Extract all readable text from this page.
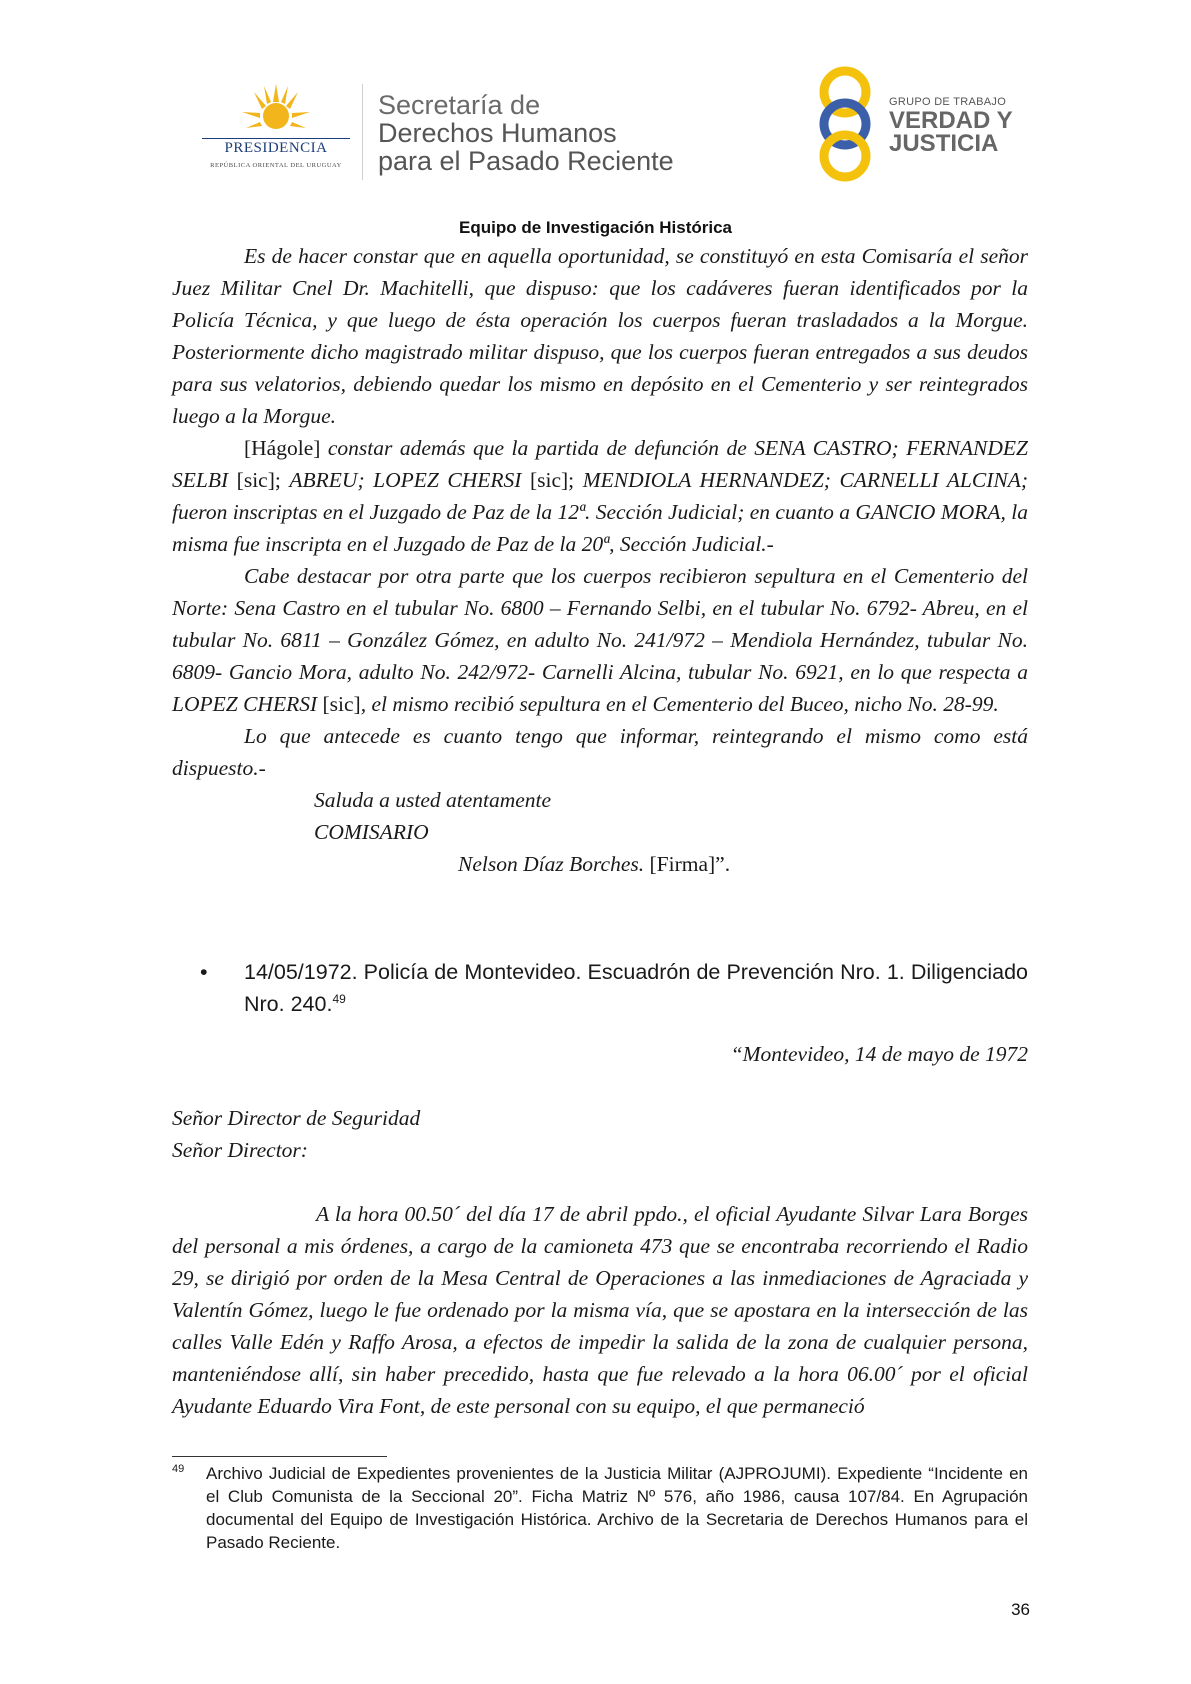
PRESIDENCIA
REPÚBLICA ORIENTAL DEL URUGUAY
Secretaría de
Derechos Humanos
para el Pasado Reciente
GRUPO DE TRABAJO
VERDAD Y
JUSTICIA
Equipo de Investigación Histórica

Es de hacer constar que en aquella oportunidad, se constituyó en esta Comisaría el señor Juez Militar Cnel Dr. Machitelli, que dispuso: que los cadáveres fueran identificados por la Policía Técnica, y que luego de ésta operación los cuerpos fueran trasladados a la Morgue. Posteriormente dicho magistrado militar dispuso, que los cuerpos fueran entregados a sus deudos para sus velatorios, debiendo quedar los mismo en depósito en el Cementerio y ser reintegrados luego a la Morgue.

[Hágole] constar además que la partida de defunción de SENA CASTRO; FERNANDEZ SELBI [sic]; ABREU; LOPEZ CHERSI [sic]; MENDIOLA HERNANDEZ; CARNELLI ALCINA; fueron inscriptas en el Juzgado de Paz de la 12ª. Sección Judicial; en cuanto a GANCIO MORA, la misma fue inscripta en el Juzgado de Paz de la 20ª, Sección Judicial.-

Cabe destacar por otra parte que los cuerpos recibieron sepultura en el Cementerio del Norte: Sena Castro en el tubular No. 6800 – Fernando Selbi, en el tubular No. 6792- Abreu, en el tubular No. 6811 – González Gómez, en adulto No. 241/972 – Mendiola Hernández, tubular No. 6809- Gancio Mora, adulto No. 242/972- Carnelli Alcina, tubular No. 6921, en lo que respecta a LOPEZ CHERSI [sic], el mismo recibió sepultura en el Cementerio del Buceo, nicho No. 28-99.

Lo que antecede es cuanto tengo que informar, reintegrando el mismo como está dispuesto.-

Saluda a usted atentamente

COMISARIO

Nelson Díaz Borches. [Firma]”.

• 14/05/1972. Policía de Montevideo. Escuadrón de Prevención Nro. 1. Diligenciado Nro. 240.49
“Montevideo, 14 de mayo de 1972
Señor Director de Seguridad
Señor Director:

A la hora 00.50´ del día 17 de abril ppdo., el oficial Ayudante Silvar Lara Borges del personal a mis órdenes, a cargo de la camioneta 473 que se encontraba recorriendo el Radio 29, se dirigió por orden de la Mesa Central de Operaciones a las inmediaciones de Agraciada y Valentín Gómez, luego le fue ordenado por la misma vía, que se apostara en la intersección de las calles Valle Edén y Raffo Arosa, a efectos de impedir la salida de la zona de cualquier persona, manteniéndose allí, sin haber precedido, hasta que fue relevado a la hora 06.00´ por el oficial Ayudante Eduardo Vira Font, de este personal con su equipo, el que permaneció

49 Archivo Judicial de Expedientes provenientes de la Justicia Militar (AJPROJUMI). Expediente “Incidente en el Club Comunista de la Seccional 20”. Ficha Matriz Nº 576, año 1986, causa 107/84. En Agrupación documental del Equipo de Investigación Histórica. Archivo de la Secretaria de Derechos Humanos para el Pasado Reciente.
36
